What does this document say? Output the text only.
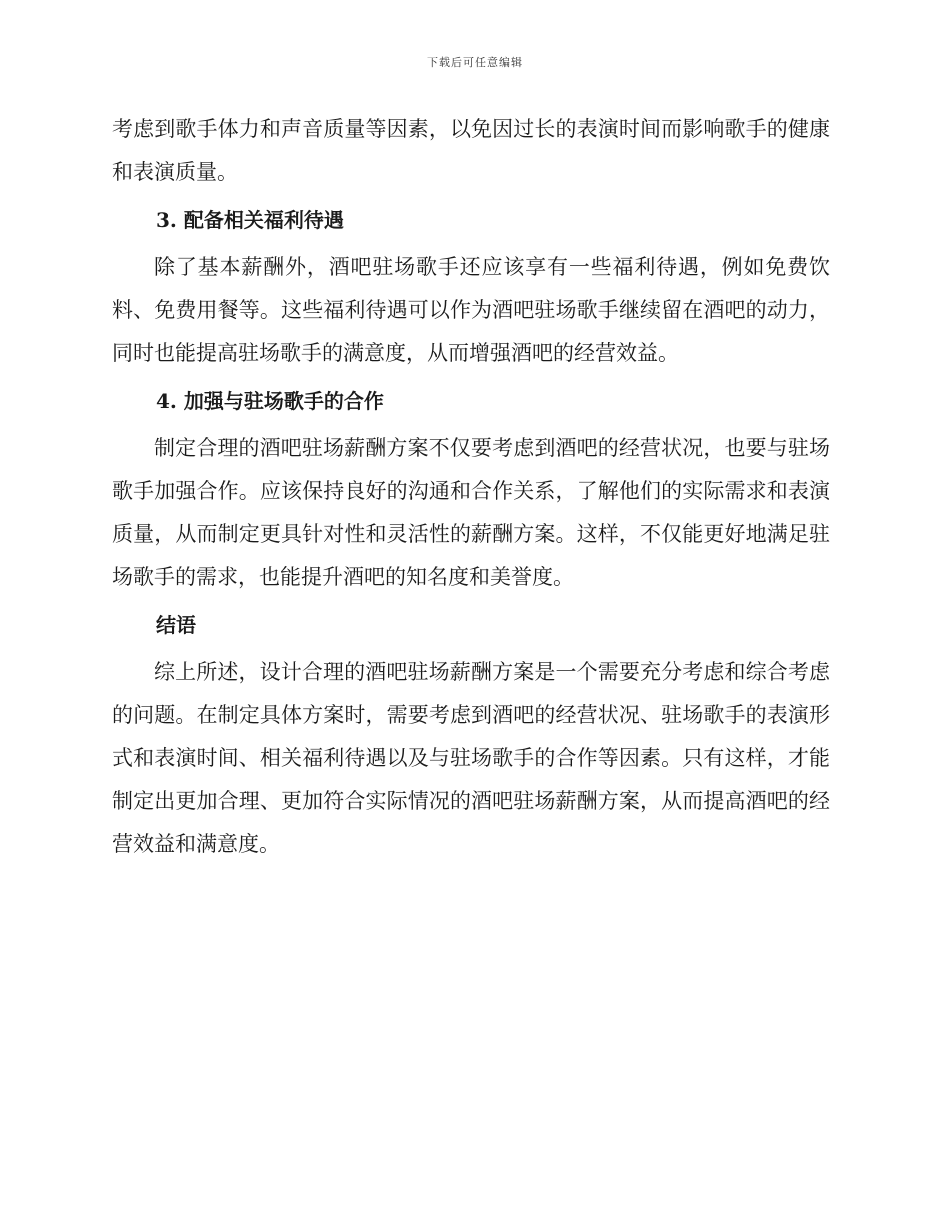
下载后可任意编辑

考虑到歌手体力和声音质量等因素，以免因过长的表演时间而影响歌手的健康和表演质量。

3. 配备相关福利待遇

除了基本薪酬外，酒吧驻场歌手还应该享有一些福利待遇，例如免费饮料、免费用餐等。这些福利待遇可以作为酒吧驻场歌手继续留在酒吧的动力，同时也能提高驻场歌手的满意度，从而增强酒吧的经营效益。

4. 加强与驻场歌手的合作

制定合理的酒吧驻场薪酬方案不仅要考虑到酒吧的经营状况，也要与驻场歌手加强合作。应该保持良好的沟通和合作关系，了解他们的实际需求和表演质量，从而制定更具针对性和灵活性的薪酬方案。这样，不仅能更好地满足驻场歌手的需求，也能提升酒吧的知名度和美誉度。

结语

综上所述，设计合理的酒吧驻场薪酬方案是一个需要充分考虑和综合考虑的问题。在制定具体方案时，需要考虑到酒吧的经营状况、驻场歌手的表演形式和表演时间、相关福利待遇以及与驻场歌手的合作等因素。只有这样，才能制定出更加合理、更加符合实际情况的酒吧驻场薪酬方案，从而提高酒吧的经营效益和满意度。
